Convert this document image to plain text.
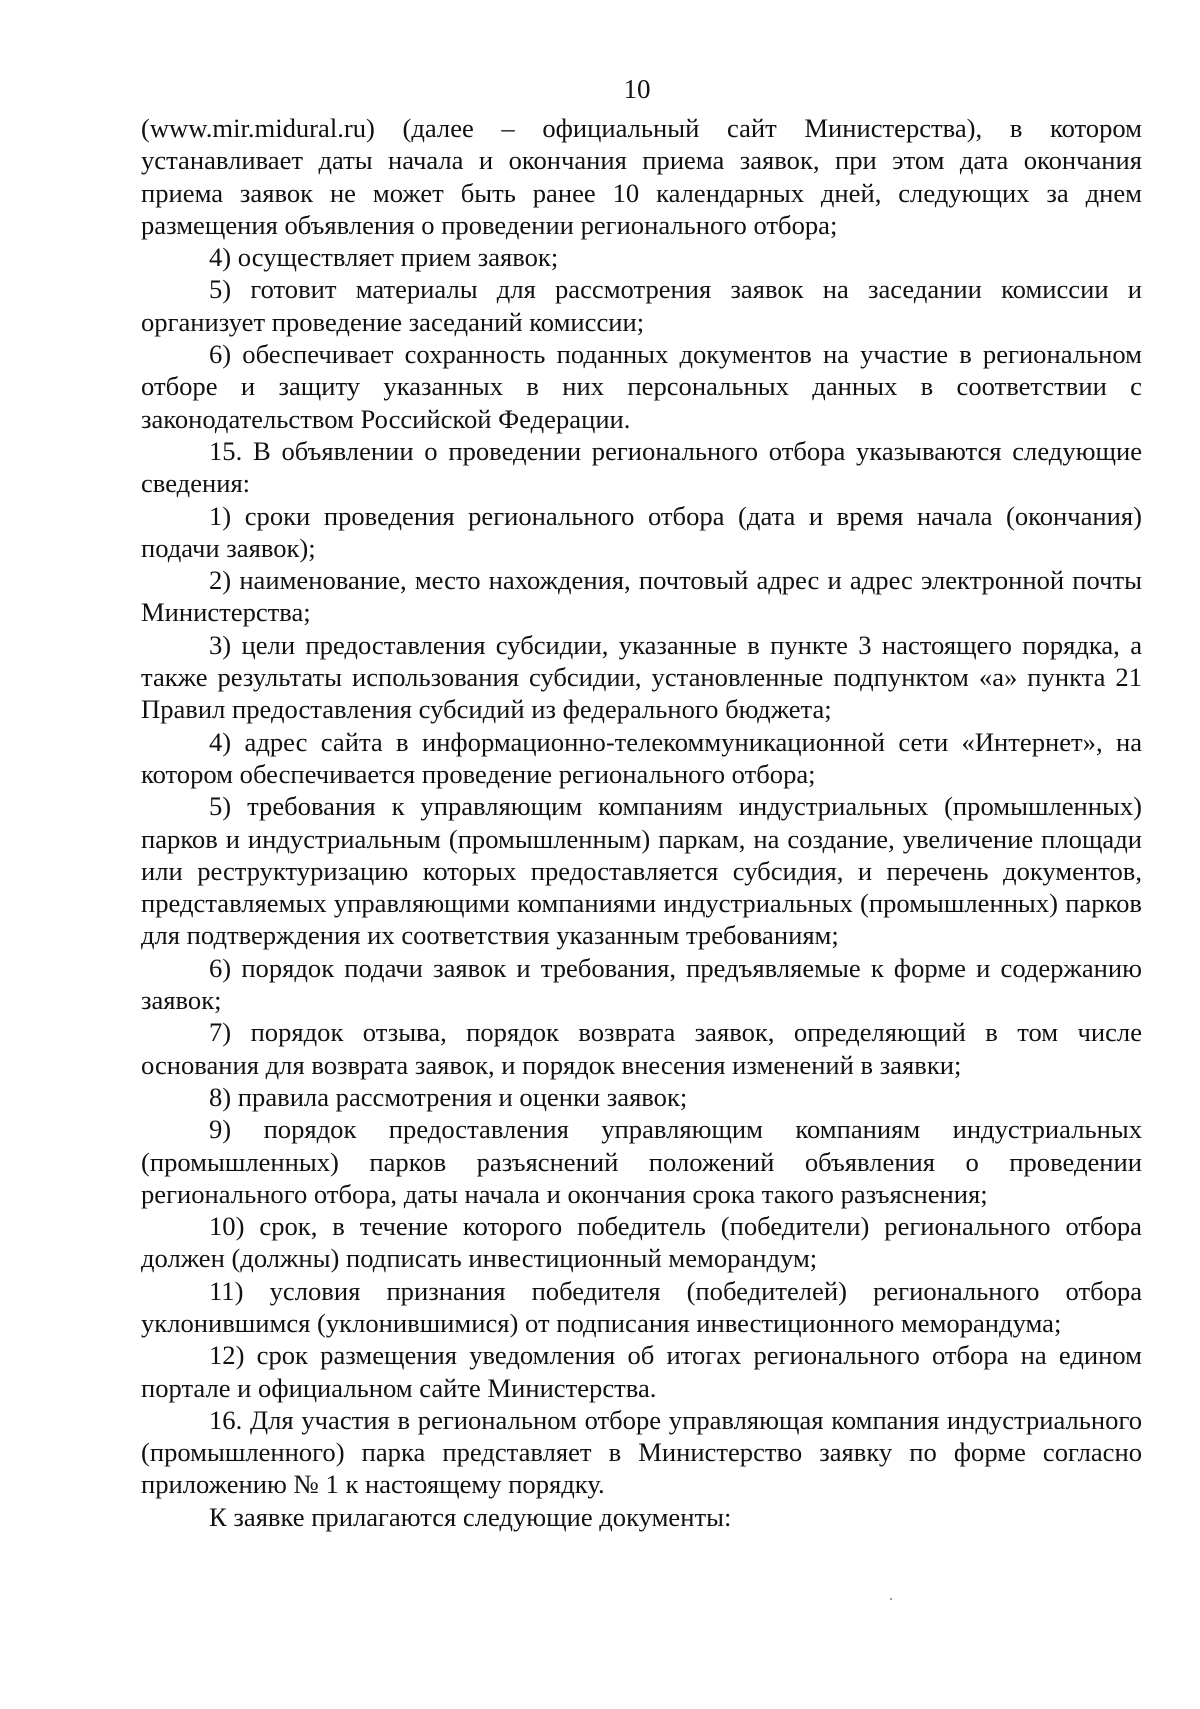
10

(www.mir.midural.ru) (далее – официальный сайт Министерства), в котором устанавливает даты начала и окончания приема заявок, при этом дата окончания приема заявок не может быть ранее 10 календарных дней, следующих за днем размещения объявления о проведении регионального отбора;

4) осуществляет прием заявок;

5) готовит материалы для рассмотрения заявок на заседании комиссии и организует проведение заседаний комиссии;

6) обеспечивает сохранность поданных документов на участие в региональном отборе и защиту указанных в них персональных данных в соответствии с законодательством Российской Федерации.

15. В объявлении о проведении регионального отбора указываются следующие сведения:

1) сроки проведения регионального отбора (дата и время начала (окончания) подачи заявок);

2) наименование, место нахождения, почтовый адрес и адрес электронной почты Министерства;

3) цели предоставления субсидии, указанные в пункте 3 настоящего порядка, а также результаты использования субсидии, установленные подпунктом «а» пункта 21 Правил предоставления субсидий из федерального бюджета;

4) адрес сайта в информационно-телекоммуникационной сети «Интернет», на котором обеспечивается проведение регионального отбора;

5) требования к управляющим компаниям индустриальных (промышленных) парков и индустриальным (промышленным) паркам, на создание, увеличение площади или реструктуризацию которых предоставляется субсидия, и перечень документов, представляемых управляющими компаниями индустриальных (промышленных) парков для подтверждения их соответствия указанным требованиям;

6) порядок подачи заявок и требования, предъявляемые к форме и содержанию заявок;

7) порядок отзыва, порядок возврата заявок, определяющий в том числе основания для возврата заявок, и порядок внесения изменений в заявки;

8) правила рассмотрения и оценки заявок;

9) порядок предоставления управляющим компаниям индустриальных (промышленных) парков разъяснений положений объявления о проведении регионального отбора, даты начала и окончания срока такого разъяснения;

10) срок, в течение которого победитель (победители) регионального отбора должен (должны) подписать инвестиционный меморандум;

11) условия признания победителя (победителей) регионального отбора уклонившимся (уклонившимися) от подписания инвестиционного меморандума;

12) срок размещения уведомления об итогах регионального отбора на едином портале и официальном сайте Министерства.

16. Для участия в региональном отборе управляющая компания индустриального (промышленного) парка представляет в Министерство заявку по форме согласно приложению № 1 к настоящему порядку.

К заявке прилагаются следующие документы:
